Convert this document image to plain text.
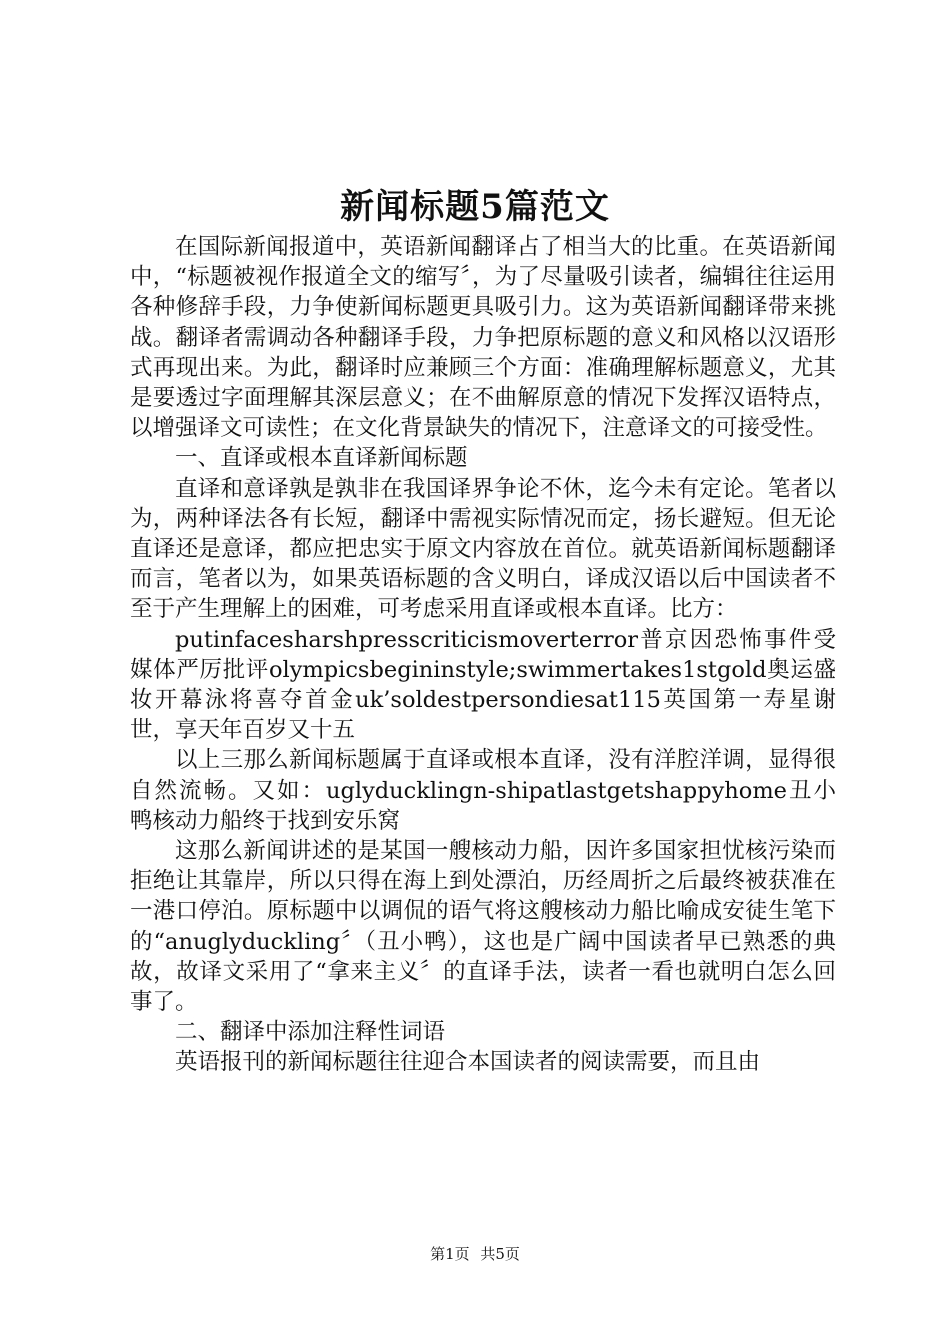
新闻标题5篇范文

在国际新闻报道中，英语新闻翻译占了相当大的比重。在英语新闻中，“标题被视作报道全文的缩写〞，为了尽量吸引读者，编辑往往运用各种修辞手段，力争使新闻标题更具吸引力。这为英语新闻翻译带来挑战。翻译者需调动各种翻译手段，力争把原标题的意义和风格以汉语形式再现出来。为此，翻译时应兼顾三个方面：准确理解标题意义，尤其是要透过字面理解其深层意义；在不曲解原意的情况下发挥汉语特点，以增强译文可读性；在文化背景缺失的情况下，注意译文的可接受性。

一、直译或根本直译新闻标题

直译和意译孰是孰非在我国译界争论不休，迄今未有定论。笔者以为，两种译法各有长短，翻译中需视实际情况而定，扬长避短。但无论直译还是意译，都应把忠实于原文内容放在首位。就英语新闻标题翻译而言，笔者以为，如果英语标题的含义明白，译成汉语以后中国读者不至于产生理解上的困难，可考虑采用直译或根本直译。比方：

putinfacesharshpresscriticismoverterror普京因恐怖事件受媒体严厉批评olympicsbegininstyle;swimmertakes1stgold奥运盛妆开幕泳将喜夺首金uk’soldestpersondiesat115英国第一寿星谢世，享天年百岁又十五

以上三那么新闻标题属于直译或根本直译，没有洋腔洋调，显得很自然流畅。又如：uglyducklingn-shipatlastgetshappyhome丑小鸭核动力船终于找到安乐窝

这那么新闻讲述的是某国一艘核动力船，因许多国家担忧核污染而拒绝让其靠岸，所以只得在海上到处漂泊，历经周折之后最终被获准在一港口停泊。原标题中以调侃的语气将这艘核动力船比喻成安徒生笔下的“anuglyduckling〞（丑小鸭），这也是广阔中国读者早已熟悉的典故，故译文采用了“拿来主义〞的直译手法，读者一看也就明白怎么回事了。

二、翻译中添加注释性词语

英语报刊的新闻标题往往迎合本国读者的阅读需要，而且由

第1页 共5页
